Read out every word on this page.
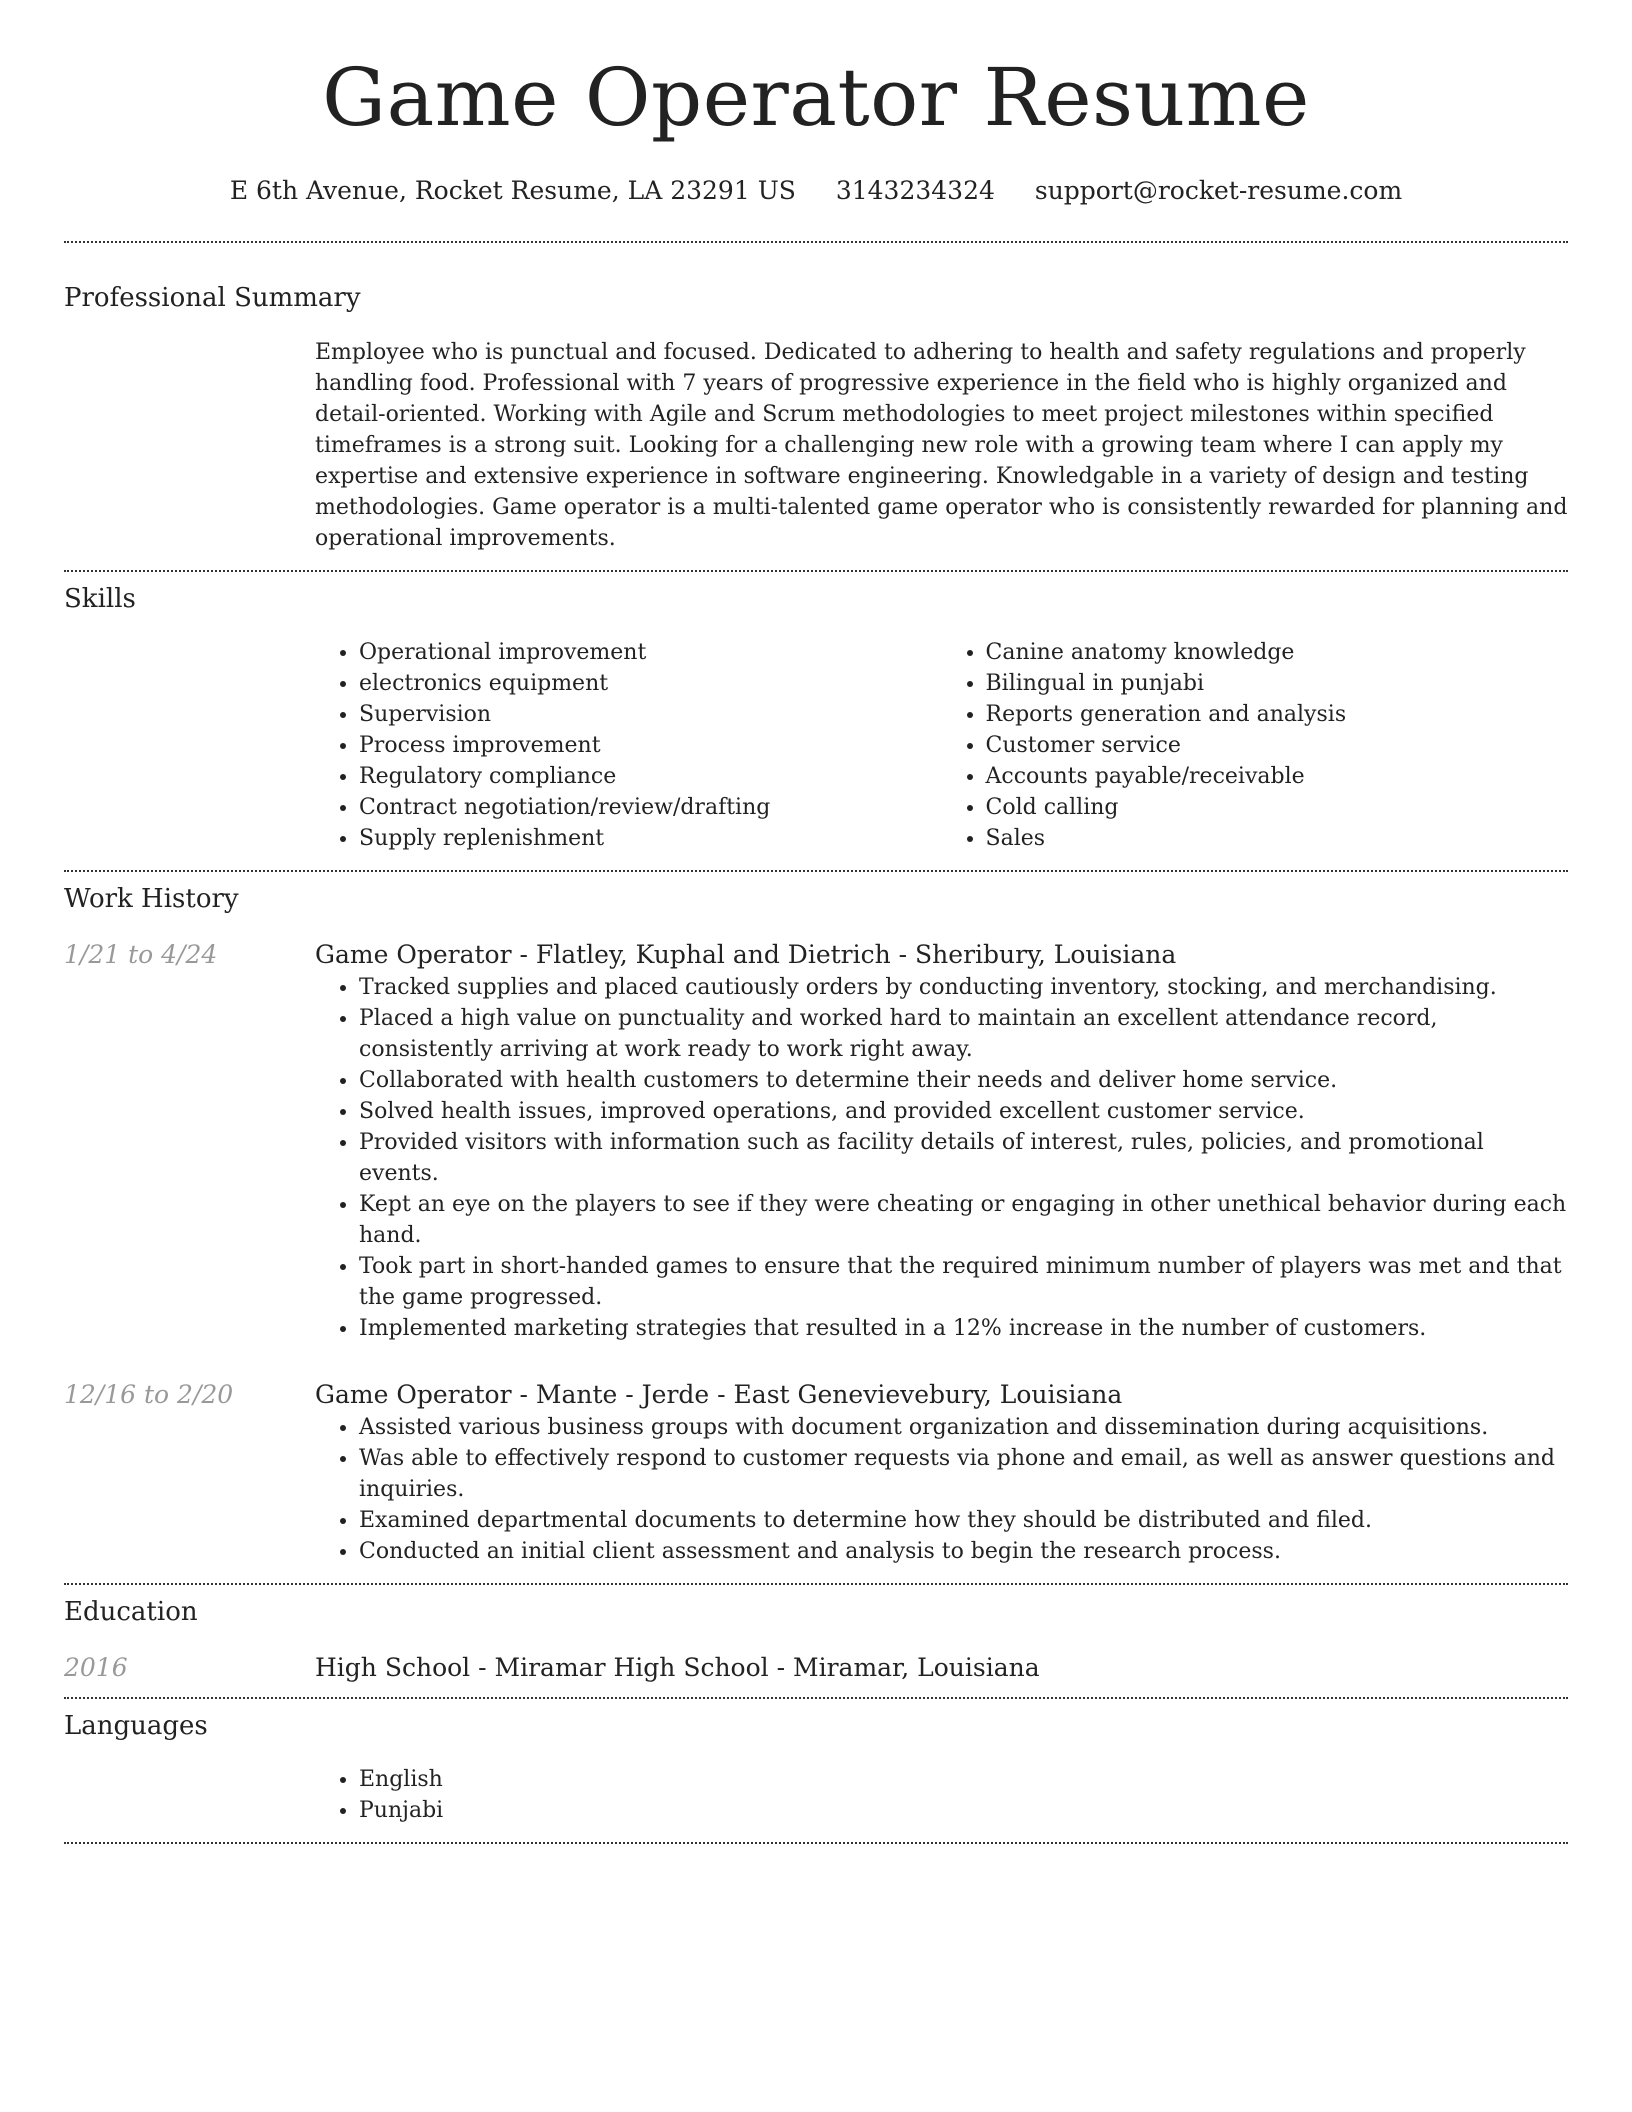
Game Operator Resume
E 6th Avenue, Rocket Resume, LA 23291 US 3143234324 support@rocket-resume.com
Professional Summary
Employee who is punctual and focused. Dedicated to adhering to health and safety regulations and properly handling food. Professional with 7 years of progressive experience in the field who is highly organized and detail-oriented. Working with Agile and Scrum methodologies to meet project milestones within specified timeframes is a strong suit. Looking for a challenging new role with a growing team where I can apply my expertise and extensive experience in software engineering. Knowledgable in a variety of design and testing methodologies. Game operator is a multi-talented game operator who is consistently rewarded for planning and operational improvements.
Skills
• Operational improvement
• electronics equipment
• Supervision
• Process improvement
• Regulatory compliance
• Contract negotiation/review/drafting
• Supply replenishment
• Canine anatomy knowledge
• Bilingual in punjabi
• Reports generation and analysis
• Customer service
• Accounts payable/receivable
• Cold calling
• Sales
Work History
1/21 to 4/24	Game Operator - Flatley, Kuphal and Dietrich - Sheribury, Louisiana
• Tracked supplies and placed cautiously orders by conducting inventory, stocking, and merchandising.
• Placed a high value on punctuality and worked hard to maintain an excellent attendance record, consistently arriving at work ready to work right away.
• Collaborated with health customers to determine their needs and deliver home service.
• Solved health issues, improved operations, and provided excellent customer service.
• Provided visitors with information such as facility details of interest, rules, policies, and promotional events.
• Kept an eye on the players to see if they were cheating or engaging in other unethical behavior during each hand.
• Took part in short-handed games to ensure that the required minimum number of players was met and that the game progressed.
• Implemented marketing strategies that resulted in a 12% increase in the number of customers.
12/16 to 2/20	Game Operator - Mante - Jerde - East Genevievebury, Louisiana
• Assisted various business groups with document organization and dissemination during acquisitions.
• Was able to effectively respond to customer requests via phone and email, as well as answer questions and inquiries.
• Examined departmental documents to determine how they should be distributed and filed.
• Conducted an initial client assessment and analysis to begin the research process.
Education
2016	High School - Miramar High School - Miramar, Louisiana
Languages
• English
• Punjabi
